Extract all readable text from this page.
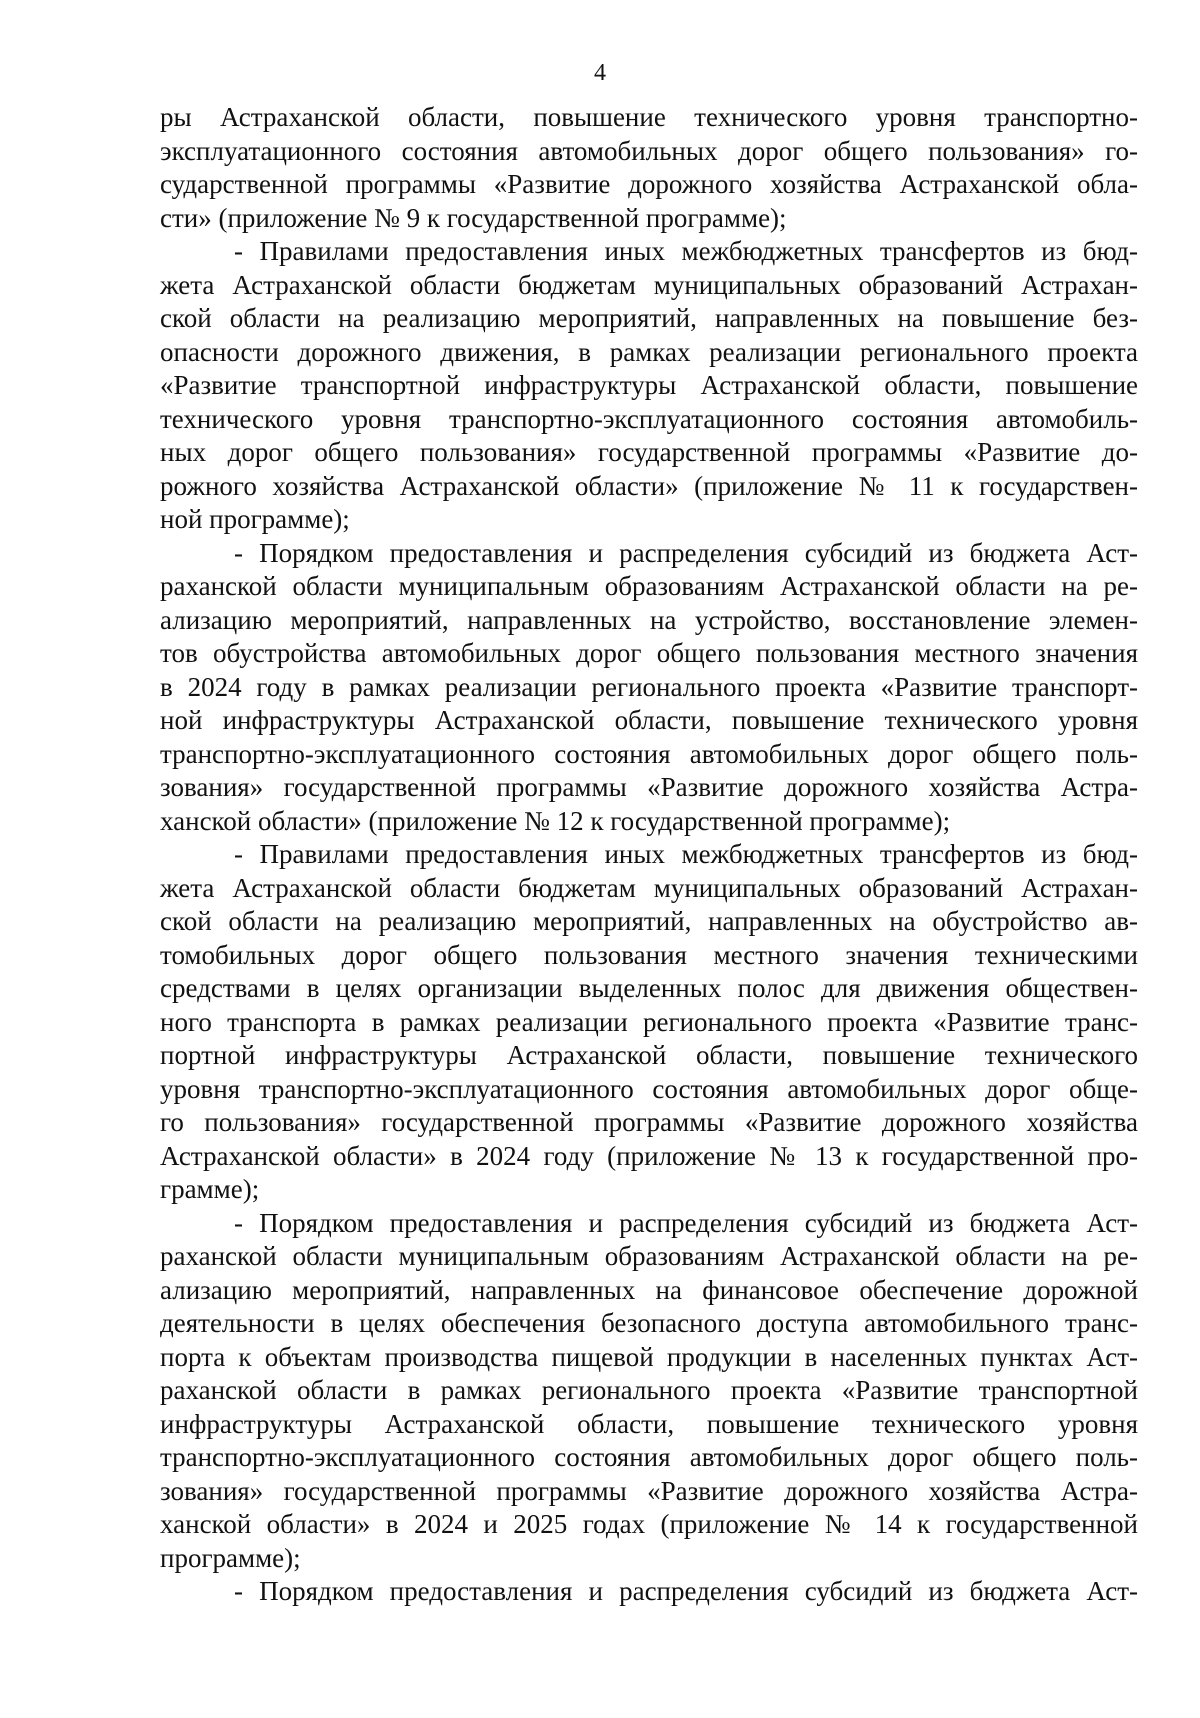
4
ры Астраханской области, повышение технического уровня транспортно-
эксплуатационного состояния автомобильных дорог общего пользования» го-
сударственной программы «Развитие дорожного хозяйства Астраханской обла-
сти» (приложение № 9 к государственной программе);
- Правилами предоставления иных межбюджетных трансфертов из бюд-
жета Астраханской области бюджетам муниципальных образований Астрахан-
ской области на реализацию мероприятий, направленных на повышение без-
опасности дорожного движения, в рамках реализации регионального проекта
«Развитие транспортной инфраструктуры Астраханской области, повышение
технического уровня транспортно-эксплуатационного состояния автомобиль-
ных дорог общего пользования» государственной программы «Развитие до-
рожного хозяйства Астраханской области» (приложение № 11 к государствен-
ной программе);
- Порядком предоставления и распределения субсидий из бюджета Аст-
раханской области муниципальным образованиям Астраханской области на ре-
ализацию мероприятий, направленных на устройство, восстановление элемен-
тов обустройства автомобильных дорог общего пользования местного значения
в 2024 году в рамках реализации регионального проекта «Развитие транспорт-
ной инфраструктуры Астраханской области, повышение технического уровня
транспортно-эксплуатационного состояния автомобильных дорог общего поль-
зования» государственной программы «Развитие дорожного хозяйства Астра-
ханской области» (приложение № 12 к государственной программе);
- Правилами предоставления иных межбюджетных трансфертов из бюд-
жета Астраханской области бюджетам муниципальных образований Астрахан-
ской области на реализацию мероприятий, направленных на обустройство ав-
томобильных дорог общего пользования местного значения техническими
средствами в целях организации выделенных полос для движения обществен-
ного транспорта в рамках реализации регионального проекта «Развитие транс-
портной инфраструктуры Астраханской области, повышение технического
уровня транспортно-эксплуатационного состояния автомобильных дорог обще-
го пользования» государственной программы «Развитие дорожного хозяйства
Астраханской области» в 2024 году (приложение № 13 к государственной про-
грамме);
- Порядком предоставления и распределения субсидий из бюджета Аст-
раханской области муниципальным образованиям Астраханской области на ре-
ализацию мероприятий, направленных на финансовое обеспечение дорожной
деятельности в целях обеспечения безопасного доступа автомобильного транс-
порта к объектам производства пищевой продукции в населенных пунктах Аст-
раханской области в рамках регионального проекта «Развитие транспортной
инфраструктуры Астраханской области, повышение технического уровня
транспортно-эксплуатационного состояния автомобильных дорог общего поль-
зования» государственной программы «Развитие дорожного хозяйства Астра-
ханской области» в 2024 и 2025 годах (приложение № 14 к государственной
программе);
- Порядком предоставления и распределения субсидий из бюджета Аст-
